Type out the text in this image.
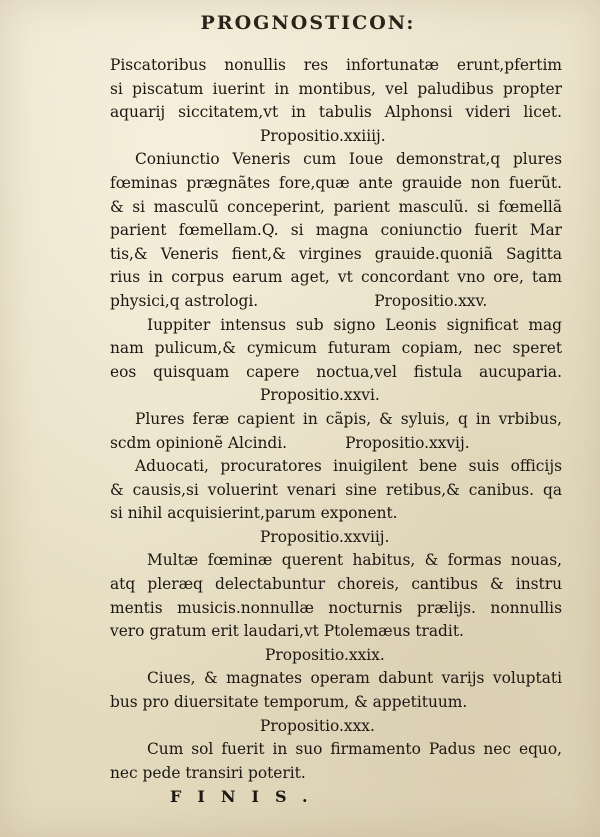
PROGNOSTICON:
Piscatoribus nonullis res infortunatæ erunt,pfertim
si piscatum iuerint in montibus, vel paludibus propter
aquarij siccitatem,vt in tabulis Alphonsi videri licet.
Propositio.xxiiij.
Coniunctio Veneris cum Ioue demonstrat,q plures
fœminas prægnãtes fore,quæ ante grauide non fuerũt.
& si masculũ conceperint, parient masculũ. si fœmellã
parient fœmellam.Q. si magna coniunctio fuerit Mar
tis,& Veneris fient,& virgines grauide.quoniã Sagitta
rius in corpus earum aget, vt concordant vno ore, tam
physici,q astrologi.	Propositio.xxv.
Iuppiter intensus sub signo Leonis significat mag
nam pulicum,& cymicum futuram copiam, nec speret
eos quisquam capere noctua,vel fistula aucuparia.
Propositio.xxvi.
Plures feræ capient in cãpis, & syluis, q in vrbibus,
scdm opinionẽ Alcindi.	Propositio.xxvij.
Aduocati, procuratores inuigilent bene suis officijs
& causis,si voluerint venari sine retibus,& canibus. qa
si nihil acquisierint,parum exponent.
Propositio.xxviij.
Multæ fœminæ querent habitus, & formas nouas,
atq pleræq delectabuntur choreis, cantibus & instru
mentis musicis.nonnullæ nocturnis prælijs. nonnullis
vero gratum erit laudari,vt Ptolemæus tradit.
Propositio.xxix.
Ciues, & magnates operam dabunt varijs voluptati
bus pro diuersitate temporum, & appetituum.
Propositio.xxx.
Cum sol fuerit in suo firmamento Padus nec equo,
nec pede transiri poterit.
FINIS.
